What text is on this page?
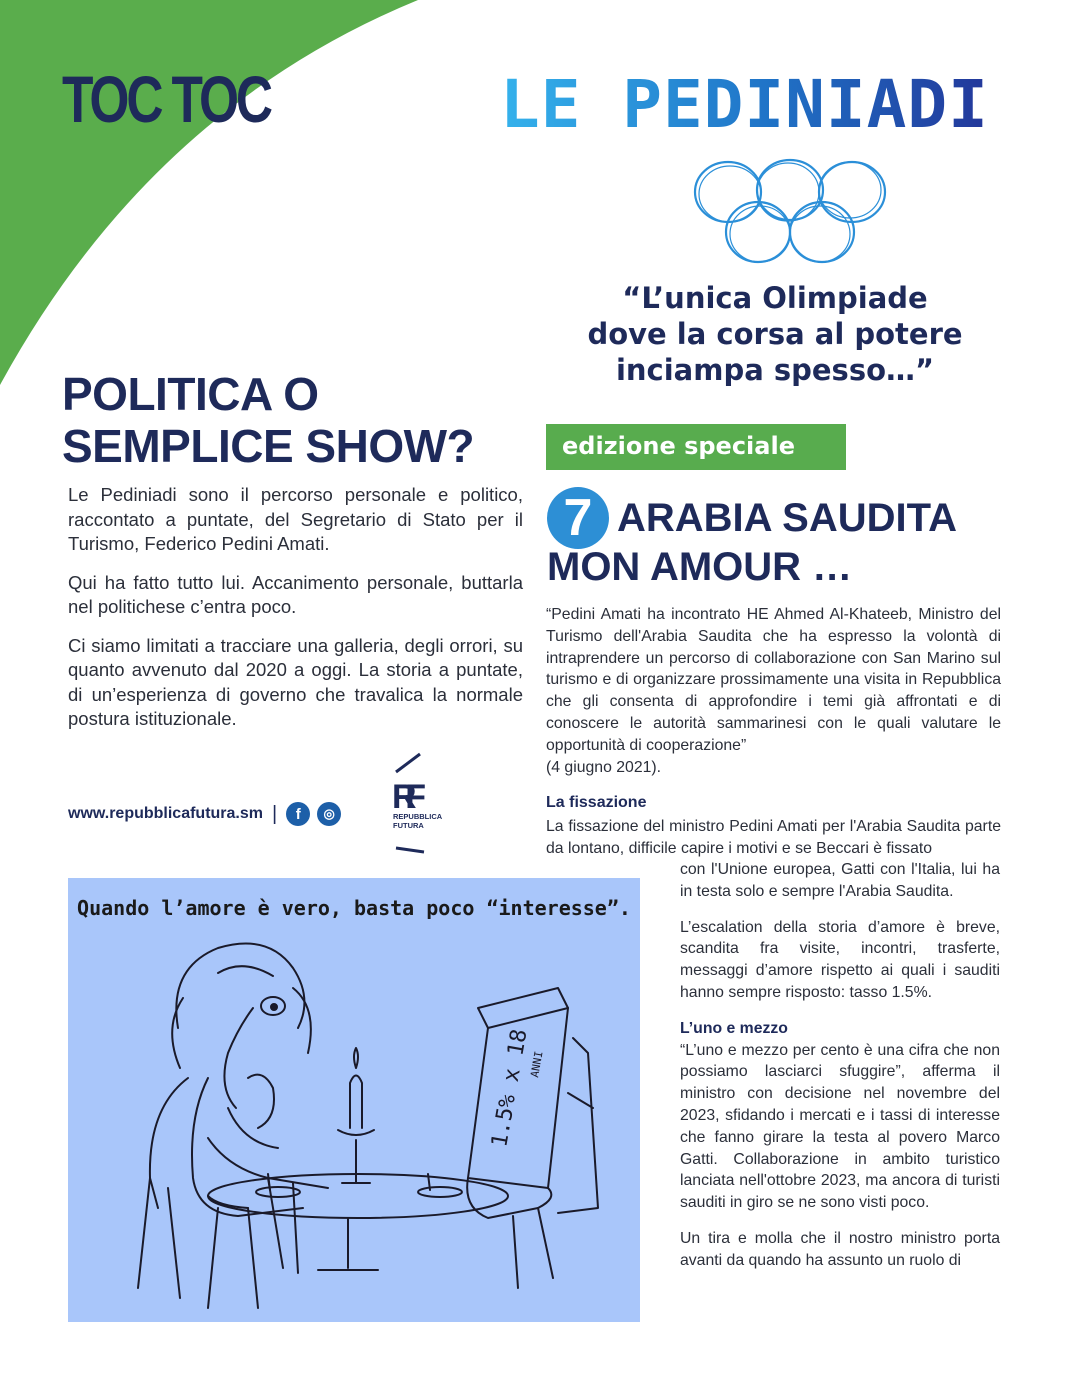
TOC TOC	LE PEDINIADI
“L’unica Olimpiade
dove la corsa al potere
inciampa spesso…”
POLITICA O
SEMPLICE SHOW?

Le Pediniadi sono il percorso personale e politico, raccontato a puntate, del Segretario di Stato per il Turismo, Federico Pedini Amati.

Qui ha fatto tutto lui. Accanimento personale, buttarla nel politichese c’entra poco.

Ci siamo limitati a tracciare una galleria, degli orrori, su quanto avvenuto dal 2020 a oggi. La storia a puntate, di un’esperienza di governo che travalica la normale postura istituzionale.

www.repubblicafutura.sm |	f	◎ RF
REPUBBLICA
FUTURA
Quando l’amore è vero, basta poco “interesse”.
1.5% x 18
ANNI
edizione speciale
7 ARABIA SAUDITA
MON AMOUR …
“Pedini Amati ha incontrato HE Ahmed Al-Khateeb, Ministro del Turismo dell'Arabia Saudita che ha espresso la volontà di intraprendere un percorso di collaborazione con San Marino sul turismo e di organizzare prossimamente una visita in Repubblica che gli consenta di approfondire i temi già affrontati e di conoscere le autorità sammarinesi con le quali valutare le opportunità di cooperazione”
(4 giugno 2021).
La fissazione
La fissazione del ministro Pedini Amati per l'Arabia Saudita parte da lontano, difficile capire i motivi e se Beccari è fissato

con l'Unione europea, Gatti con l'Italia, lui ha in testa solo e sempre l'Arabia Saudita.

L’escalation della storia d’amore è breve, scandita fra visite, incontri, trasferte, messaggi d’amore rispetto ai quali i sauditi hanno sempre risposto: tasso 1.5%.

L’uno e mezzo

“L’uno e mezzo per cento è una cifra che non possiamo lasciarci sfuggire”, afferma il ministro con decisione nel novembre del 2023, sfidando i mercati e i tassi di interesse che fanno girare la testa al povero Marco Gatti. Collaborazione in ambito turistico lanciata nell'ottobre 2023, ma ancora di turisti sauditi in giro se ne sono visti poco.

Un tira e molla che il nostro ministro porta avanti da quando ha assunto un ruolo di
